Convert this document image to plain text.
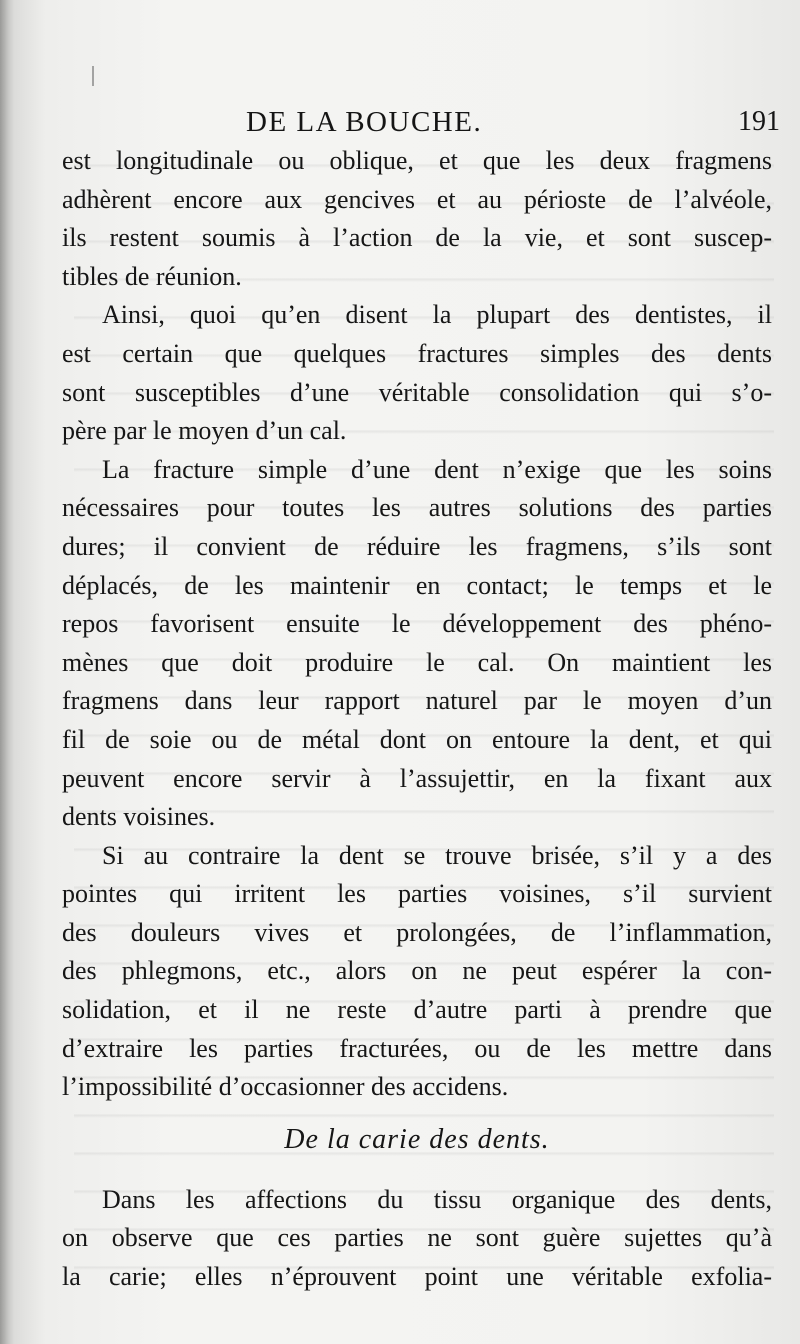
DE LA BOUCHE.	191
est longitudinale ou oblique, et que les deux fragmens
adhèrent encore aux gencives et au périoste de l’alvéole,
ils restent soumis à l’action de la vie, et sont suscep-
tibles de réunion.
Ainsi, quoi qu’en disent la plupart des dentistes, il
est certain que quelques fractures simples des dents
sont susceptibles d’une véritable consolidation qui s’o-
père par le moyen d’un cal.
La fracture simple d’une dent n’exige que les soins
nécessaires pour toutes les autres solutions des parties
dures; il convient de réduire les fragmens, s’ils sont
déplacés, de les maintenir en contact; le temps et le
repos favorisent ensuite le développement des phéno-
mènes que doit produire le cal. On maintient les
fragmens dans leur rapport naturel par le moyen d’un
fil de soie ou de métal dont on entoure la dent, et qui
peuvent encore servir à l’assujettir, en la fixant aux
dents voisines.
Si au contraire la dent se trouve brisée, s’il y a des
pointes qui irritent les parties voisines, s’il survient
des douleurs vives et prolongées, de l’inflammation,
des phlegmons, etc., alors on ne peut espérer la con-
solidation, et il ne reste d’autre parti à prendre que
d’extraire les parties fracturées, ou de les mettre dans
l’impossibilité d’occasionner des accidens.
De la carie des dents.
Dans les affections du tissu organique des dents,
on observe que ces parties ne sont guère sujettes qu’à
la carie; elles n’éprouvent point une véritable exfolia-
